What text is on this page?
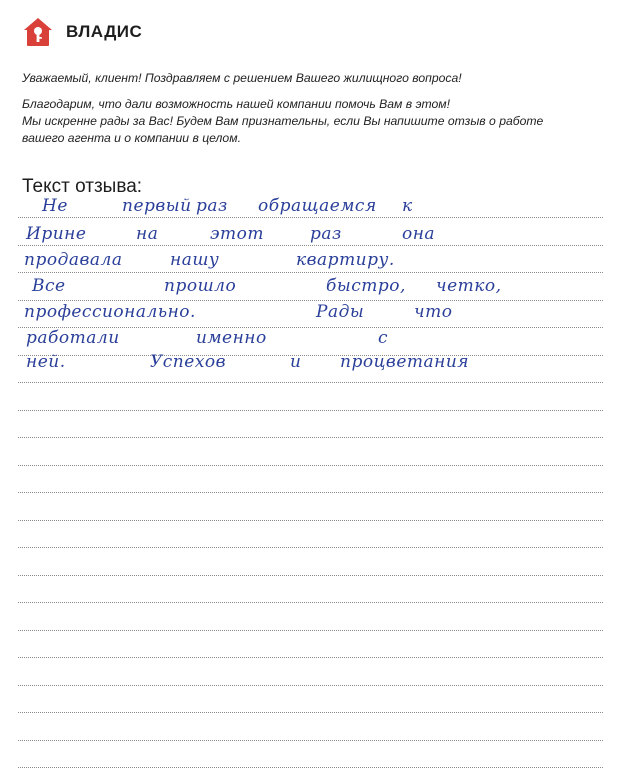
ВЛАДИС

Уважаемый, клиент! Поздравляем с решением Вашего жилищного вопроса!

Благодарим, что дали возможность нашей компании помочь Вам в этом!

Мы искренне рады за Вас! Будем Вам признательны, если Вы напишите отзыв о работе

вашего агента и о компании в целом.

Текст отзыва:
Не	первый раз обращаемся к
Ирине	на	этот	раз	она
продавала	нашу	квартиру.
Все	прошло	быстро, четко,
профессионально.	Рады	что
работали	именно	с
ней.	Успехов	и процветания
